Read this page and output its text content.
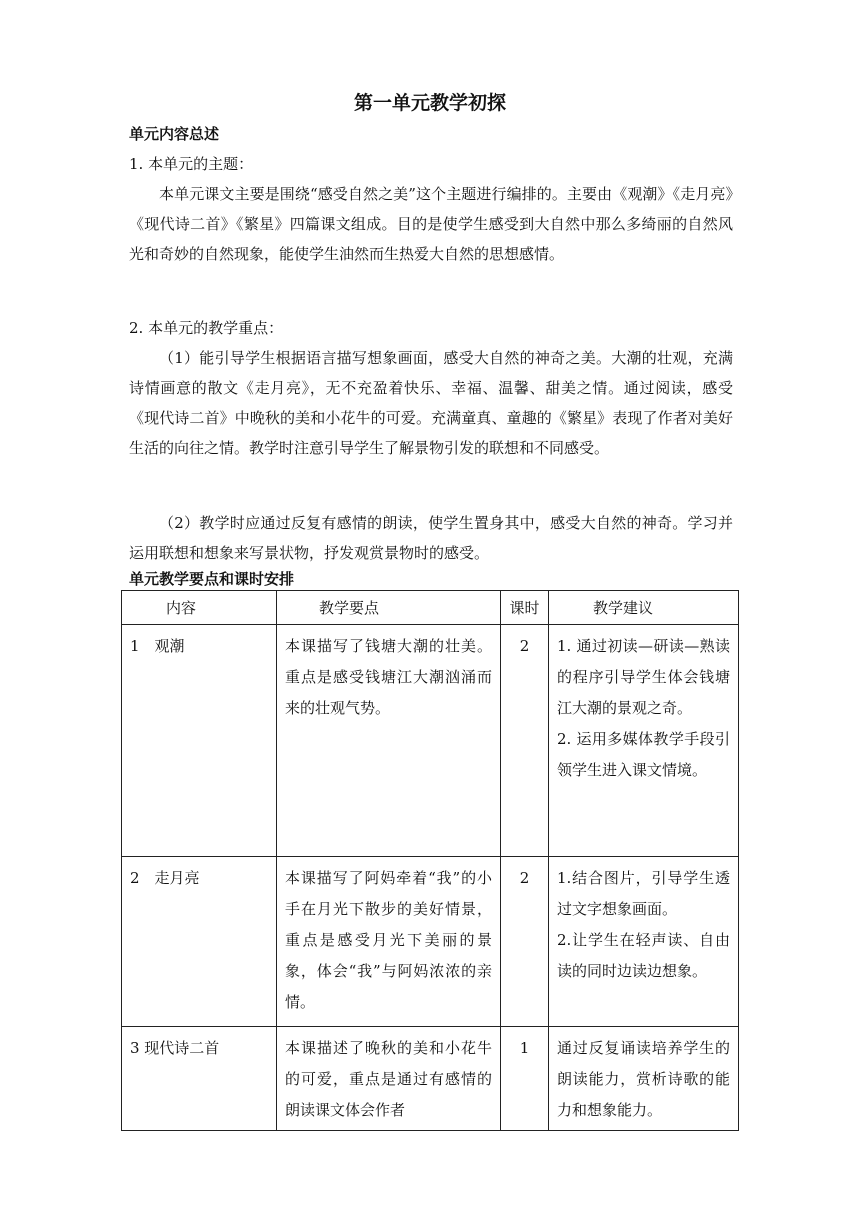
第一单元教学初探
单元内容总述
1. 本单元的主题：

本单元课文主要是围绕“感受自然之美”这个主题进行编排的。主要由《观潮》《走月亮》《现代诗二首》《繁星》四篇课文组成。目的是使学生感受到大自然中那么多绮丽的自然风光和奇妙的自然现象，能使学生油然而生热爱大自然的思想感情。

2. 本单元的教学重点：

（1）能引导学生根据语言描写想象画面，感受大自然的神奇之美。大潮的壮观，充满诗情画意的散文《走月亮》，无不充盈着快乐、幸福、温馨、甜美之情。通过阅读，感受《现代诗二首》中晚秋的美和小花牛的可爱。充满童真、童趣的《繁星》表现了作者对美好生活的向往之情。教学时注意引导学生了解景物引发的联想和不同感受。

（2）教学时应通过反复有感情的朗读，使学生置身其中，感受大自然的神奇。学习并运用联想和想象来写景状物，抒发观赏景物时的感受。

单元教学要点和课时安排
内容	教学要点	课时	教学建议
1　观潮	本课描写了钱塘大潮的壮美。重点是感受钱塘江大潮汹涌而来的壮观气势。	2	1. 通过初读—研读—熟读的程序引导学生体会钱塘江大潮的景观之奇。

2. 运用多媒体教学手段引领学生进入课文情境。

2　走月亮	本课描写了阿妈牵着“我”的小手在月光下散步的美好情景，重点是感受月光下美丽的景象，体会“我”与阿妈浓浓的亲情。	2	1.结合图片，引导学生透过文字想象画面。

2.让学生在轻声读、自由读的同时边读边想象。

3 现代诗二首	本课描述了晚秋的美和小花牛的可爱，重点是通过有感情的朗读课文体会作者	1	通过反复诵读培养学生的朗读能力，赏析诗歌的能力和想象能力。
